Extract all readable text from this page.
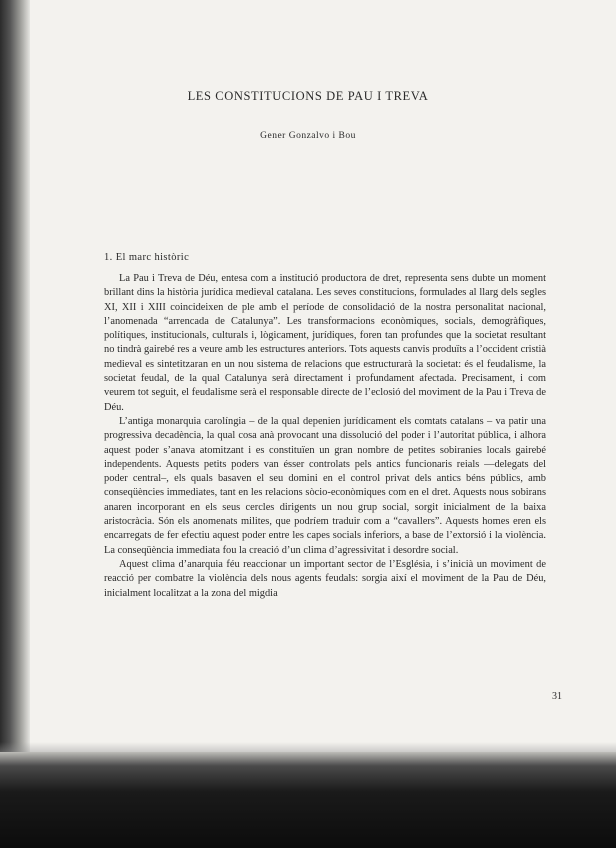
LES CONSTITUCIONS DE PAU I TREVA
Gener Gonzalvo i Bou
1. El marc històric

La Pau i Treva de Déu, entesa com a institució productora de dret, representa sens dubte un moment brillant dins la història jurídica medieval catalana. Les seves constitucions, formulades al llarg dels segles XI, XII i XIII coincideixen de ple amb el període de consolidació de la nostra personalitat nacional, l’anomenada “arrencada de Catalunya”. Les transformacions econòmiques, socials, demogràfiques, polítiques, institucionals, culturals i, lògicament, jurídiques, foren tan profundes que la societat resultant no tindrà gairebé res a veure amb les estructures anteriors. Tots aquests canvis produïts a l’occident cristià medieval es sintetitzaran en un nou sistema de relacions que estructurarà la societat: és el feudalisme, la societat feudal, de la qual Catalunya serà directament i profundament afectada. Precisament, i com veurem tot seguit, el feudalisme serà el responsable directe de l’eclosió del moviment de la Pau i Treva de Déu.

L’antiga monarquia carolíngia – de la qual depenien jurídicament els comtats catalans – va patir una progressiva decadència, la qual cosa anà provocant una dissolució del poder i l’autoritat pública, i alhora aquest poder s’anava atomitzant i es constituïen un gran nombre de petites sobiranies locals gairebé independents. Aquests petits poders van ésser controlats pels antics funcionaris reials —delegats del poder central–, els quals basaven el seu domini en el control privat dels antics béns públics, amb conseqüències immediates, tant en les relacions sòcio-econòmiques com en el dret. Aquests nous sobirans anaren incorporant en els seus cercles dirigents un nou grup social, sorgit inicialment de la baixa aristocràcia. Són els anomenats milites, que podríem traduir com a “cavallers”. Aquests homes eren els encarregats de fer efectiu aquest poder entre les capes socials inferiors, a base de l’extorsió i la violència. La conseqüència immediata fou la creació d’un clima d’agressivitat i desordre social.

Aquest clima d’anarquia féu reaccionar un important sector de l’Església, i s’inicià un moviment de reacció per combatre la violència dels nous agents feudals: sorgia així el moviment de la Pau de Déu, inicialment localitzat a la zona del migdia

31
